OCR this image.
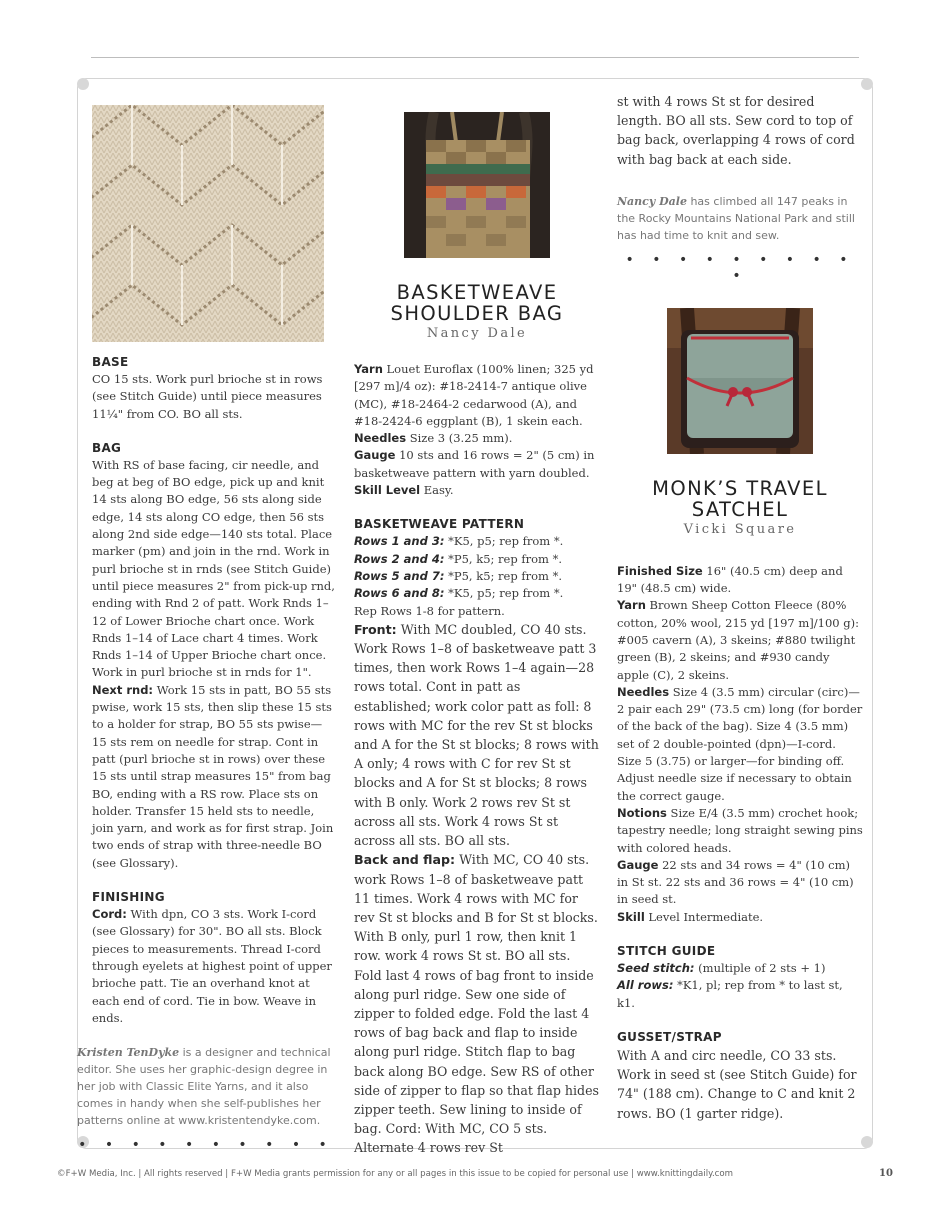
BASE
CO 15 sts. Work purl brioche st in rows (see Stitch Guide) until piece measures 11¼" from CO. BO all sts.
BAG
With RS of base facing, cir needle, and beg at beg of BO edge, pick up and knit 14 sts along BO edge, 56 sts along side edge, 14 sts along CO edge, then 56 sts along 2nd side edge—140 sts total. Place marker (pm) and join in the rnd. Work in purl brioche st in rnds (see Stitch Guide) until piece measures 2" from pick-up rnd, ending with Rnd 2 of patt. Work Rnds 1–12 of Lower Brioche chart once. Work Rnds 1–14 of Lace chart 4 times. Work Rnds 1–14 of Upper Brioche chart once. Work in purl brioche st in rnds for 1". Next rnd: Work 15 sts in patt, BO 55 sts pwise, work 15 sts, then slip these 15 sts to a holder for strap, BO 55 sts pwise—15 sts rem on needle for strap. Cont in patt (purl brioche st in rows) over these 15 sts until strap measures 15" from bag BO, ending with a RS row. Place sts on holder. Transfer 15 held sts to needle, join yarn, and work as for first strap. Join two ends of strap with three-needle BO (see Glossary).
FINISHING
Cord: With dpn, CO 3 sts. Work I-cord (see Glossary) for 30". BO all sts. Block pieces to measurements. Thread I-cord through eyelets at highest point of upper brioche patt. Tie an overhand knot at each end of cord. Tie in bow. Weave in ends.
Kristen TenDyke is a designer and technical editor. She uses her graphic-design degree in her job with Classic Elite Yarns, and it also comes in handy when she self-publishes her patterns online at www.kristentendyke.com.
• • • • • • • • • •
BASKETWEAVE
SHOULDER BAG
Nancy Dale
Yarn Louet Euroflax (100% linen; 325 yd [297 m]/4 oz): #18-2414-7 antique olive (MC), #18-2464-2 cedarwood (A), and #18-2424-6 eggplant (B), 1 skein each.
Needles Size 3 (3.25 mm).
Gauge 10 sts and 16 rows = 2" (5 cm) in basketweave pattern with yarn doubled.
Skill Level Easy.
BASKETWEAVE PATTERN
Rows 1 and 3: *K5, p5; rep from *.
Rows 2 and 4: *P5, k5; rep from *.
Rows 5 and 7: *P5, k5; rep from *.
Rows 6 and 8: *K5, p5; rep from *.
Rep Rows 1-8 for pattern.
Front: With MC doubled, CO 40 sts. Work Rows 1–8 of basketweave patt 3 times, then work Rows 1–4 again—28 rows total. Cont in patt as established; work color patt as foll: 8 rows with MC for the rev St st blocks and A for the St st blocks; 8 rows with A only; 4 rows with C for rev St st blocks and A for St st blocks; 8 rows with B only. Work 2 rows rev St st across all sts. Work 4 rows St st across all sts. BO all sts.
Back and flap: With MC, CO 40 sts. work Rows 1–8 of basketweave patt 11 times. Work 4 rows with MC for rev St st blocks and B for St st blocks. With B only, purl 1 row, then knit 1 row. work 4 rows St st. BO all sts. Fold last 4 rows of bag front to inside along purl ridge. Sew one side of zipper to folded edge. Fold the last 4 rows of bag back and flap to inside along purl ridge. Stitch flap to bag back along BO edge. Sew RS of other side of zipper to flap so that flap hides zipper teeth. Sew lining to inside of bag. Cord: With MC, CO 5 sts. Alternate 4 rows rev St
st with 4 rows St st for desired length. BO all sts. Sew cord to top of bag back, overlapping 4 rows of cord with bag back at each side.
Nancy Dale has climbed all 147 peaks in the Rocky Mountains National Park and still has had time to knit and sew.
• • • • • • • • • •
MONK’S TRAVEL
SATCHEL
Vicki Square
Finished Size 16" (40.5 cm) deep and 19" (48.5 cm) wide.
Yarn Brown Sheep Cotton Fleece (80% cotton, 20% wool, 215 yd [197 m]/100 g): #005 cavern (A), 3 skeins; #880 twilight green (B), 2 skeins; and #930 candy apple (C), 2 skeins.
Needles Size 4 (3.5 mm) circular (circ)—2 pair each 29" (73.5 cm) long (for border of the back of the bag). Size 4 (3.5 mm) set of 2 double-pointed (dpn)—I-cord. Size 5 (3.75) or larger—for binding off. Adjust needle size if necessary to obtain the correct gauge.
Notions Size E/4 (3.5 mm) crochet hook; tapestry needle; long straight sewing pins with colored heads.
Gauge 22 sts and 34 rows = 4" (10 cm) in St st. 22 sts and 36 rows = 4" (10 cm) in seed st.
Skill Level Intermediate.
STITCH GUIDE
Seed stitch: (multiple of 2 sts + 1)
All rows: *K1, pl; rep from * to last st, k1.
GUSSET/STRAP
With A and circ needle, CO 33 sts. Work in seed st (see Stitch Guide) for 74" (188 cm). Change to C and knit 2 rows. BO (1 garter ridge).
©F+W Media, Inc. | All rights reserved | F+W Media grants permission for any or all pages in this issue to be copied for personal use | www.knittingdaily.com	10
